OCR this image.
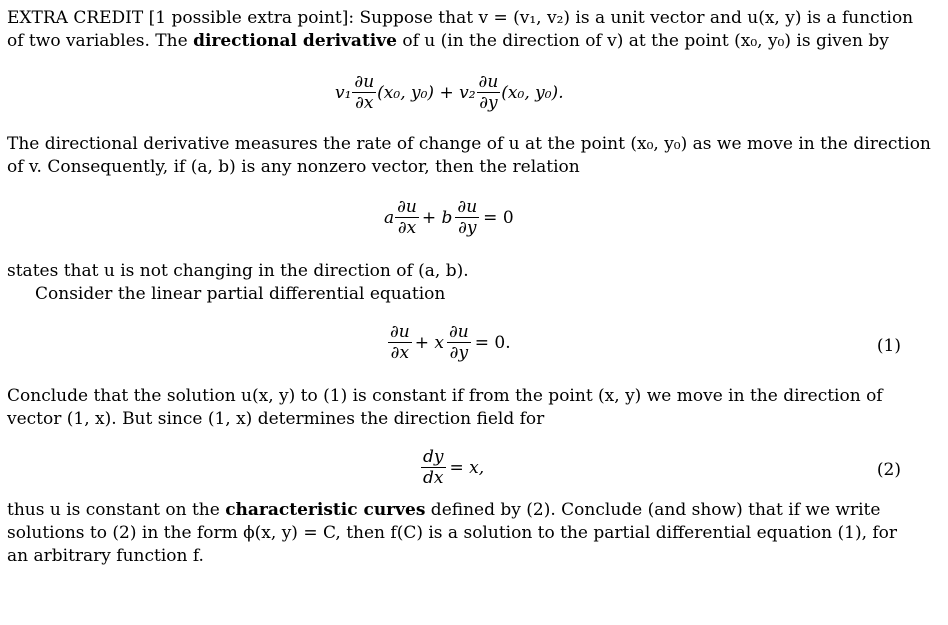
EXTRA CREDIT [1 possible extra point]: Suppose that v = (v₁, v₂) is a unit vector and u(x, y) is a function
of two variables. The directional derivative of u (in the direction of v) at the point (x₀, y₀) is given by
$v_1 \frac{\partial u}{\partial x} (x_0$, $y_0) + v_2 \frac{\partial u}{\partial y} (x_0$, y₀).
The directional derivative measures the rate of change of u at the point (x₀, y₀) as we move in the direction
of v. Consequently, if (a, b) is any nonzero vector, then the relation
a $\frac{\partial u}{\partial x} + b \frac{\partial u}{\partial y} = 0$
states that u is not changing in the direction of (a, b).
Consider the linear partial differential equation
$\frac{\partial u}{\partial x} + x \frac{\partial u}{\partial y} = 0$.	(1)
Conclude that the solution u(x, y) to (1) is constant if from the point (x, y) we move in the direction of
vector (1, x). But since (1, x) determines the direction field for
$\frac{dy}{dx} = x$,	(2)
thus u is constant on the characteristic curves defined by (2). Conclude (and show) that if we write
solutions to (2) in the form ϕ(x, y) = C, then f(C) is a solution to the partial differential equation (1), for
an arbitrary function f.
